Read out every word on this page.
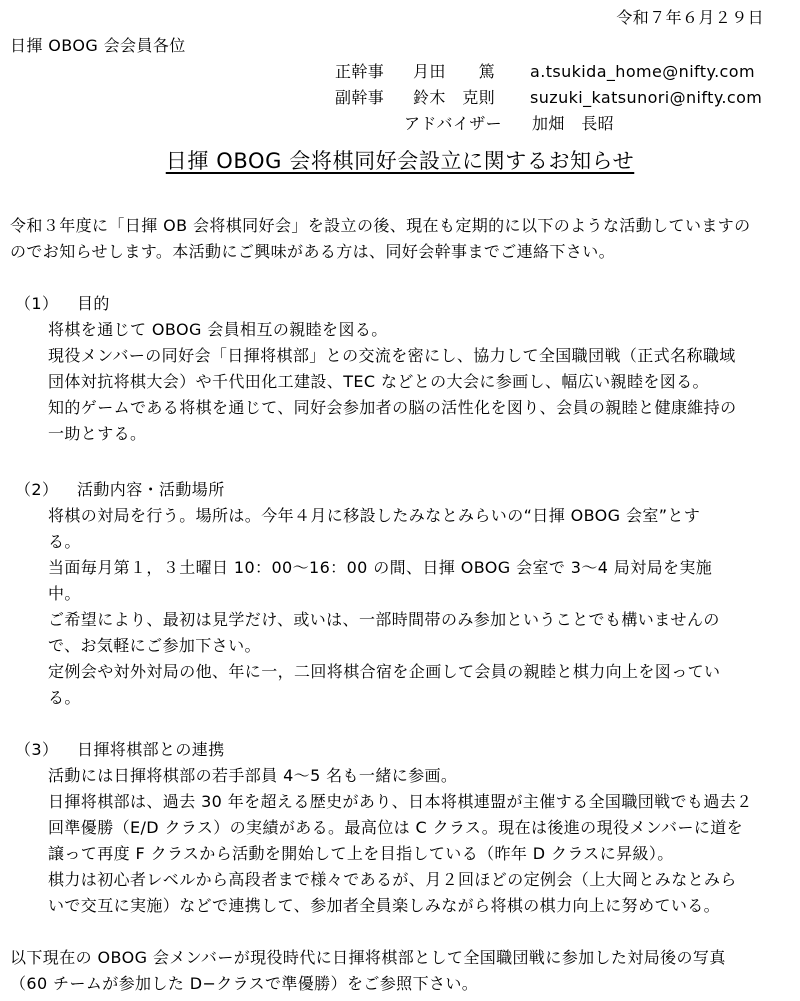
令和７年６月２９日
日揮 OBOG 会会員各位
正幹事 月田　　篤 a.tsukida_home@nifty.com
副幹事 鈴木　克則 suzuki_katsunori@nifty.com
アドバイザー 加畑　長昭
日揮 OBOG 会将棋同好会設立に関するお知らせ
令和３年度に「日揮 OB 会将棋同好会」を設立の後、現在も定期的に以下のような活動していますの
のでお知らせします。本活動にご興味がある方は、同好会幹事までご連絡下さい。
（1） 目的
将棋を通じて OBOG 会員相互の親睦を図る。
現役メンバーの同好会「日揮将棋部」との交流を密にし、協力して全国職団戦（正式名称職域
団体対抗将棋大会）や千代田化工建設、TEC などとの大会に参画し、幅広い親睦を図る。
知的ゲームである将棋を通じて、同好会参加者の脳の活性化を図り、会員の親睦と健康維持の
一助とする。
（2） 活動内容・活動場所
将棋の対局を行う。場所は。今年４月に移設したみなとみらいの“日揮 OBOG 会室”とす
る。
当面毎月第１，３土曜日 10：00～16：00 の間、日揮 OBOG 会室で 3～4 局対局を実施
中。
ご希望により、最初は見学だけ、或いは、一部時間帯のみ参加ということでも構いませんの
で、お気軽にご参加下さい。
定例会や対外対局の他、年に一，二回将棋合宿を企画して会員の親睦と棋力向上を図ってい
る。
（3） 日揮将棋部との連携
活動には日揮将棋部の若手部員 4～5 名も一緒に参画。
日揮将棋部は、過去 30 年を超える歴史があり、日本将棋連盟が主催する全国職団戦でも過去２
回準優勝（E/D クラス）の実績がある。最高位は C クラス。現在は後進の現役メンバーに道を
譲って再度 F クラスから活動を開始して上を目指している（昨年 D クラスに昇級）。
棋力は初心者レベルから高段者まで様々であるが、月２回ほどの定例会（上大岡とみなとみら
いで交互に実施）などで連携して、参加者全員楽しみながら将棋の棋力向上に努めている。
以下現在の OBOG 会メンバーが現役時代に日揮将棋部として全国職団戦に参加した対局後の写真
（60 チームが参加した D−クラスで準優勝）をご参照下さい。
